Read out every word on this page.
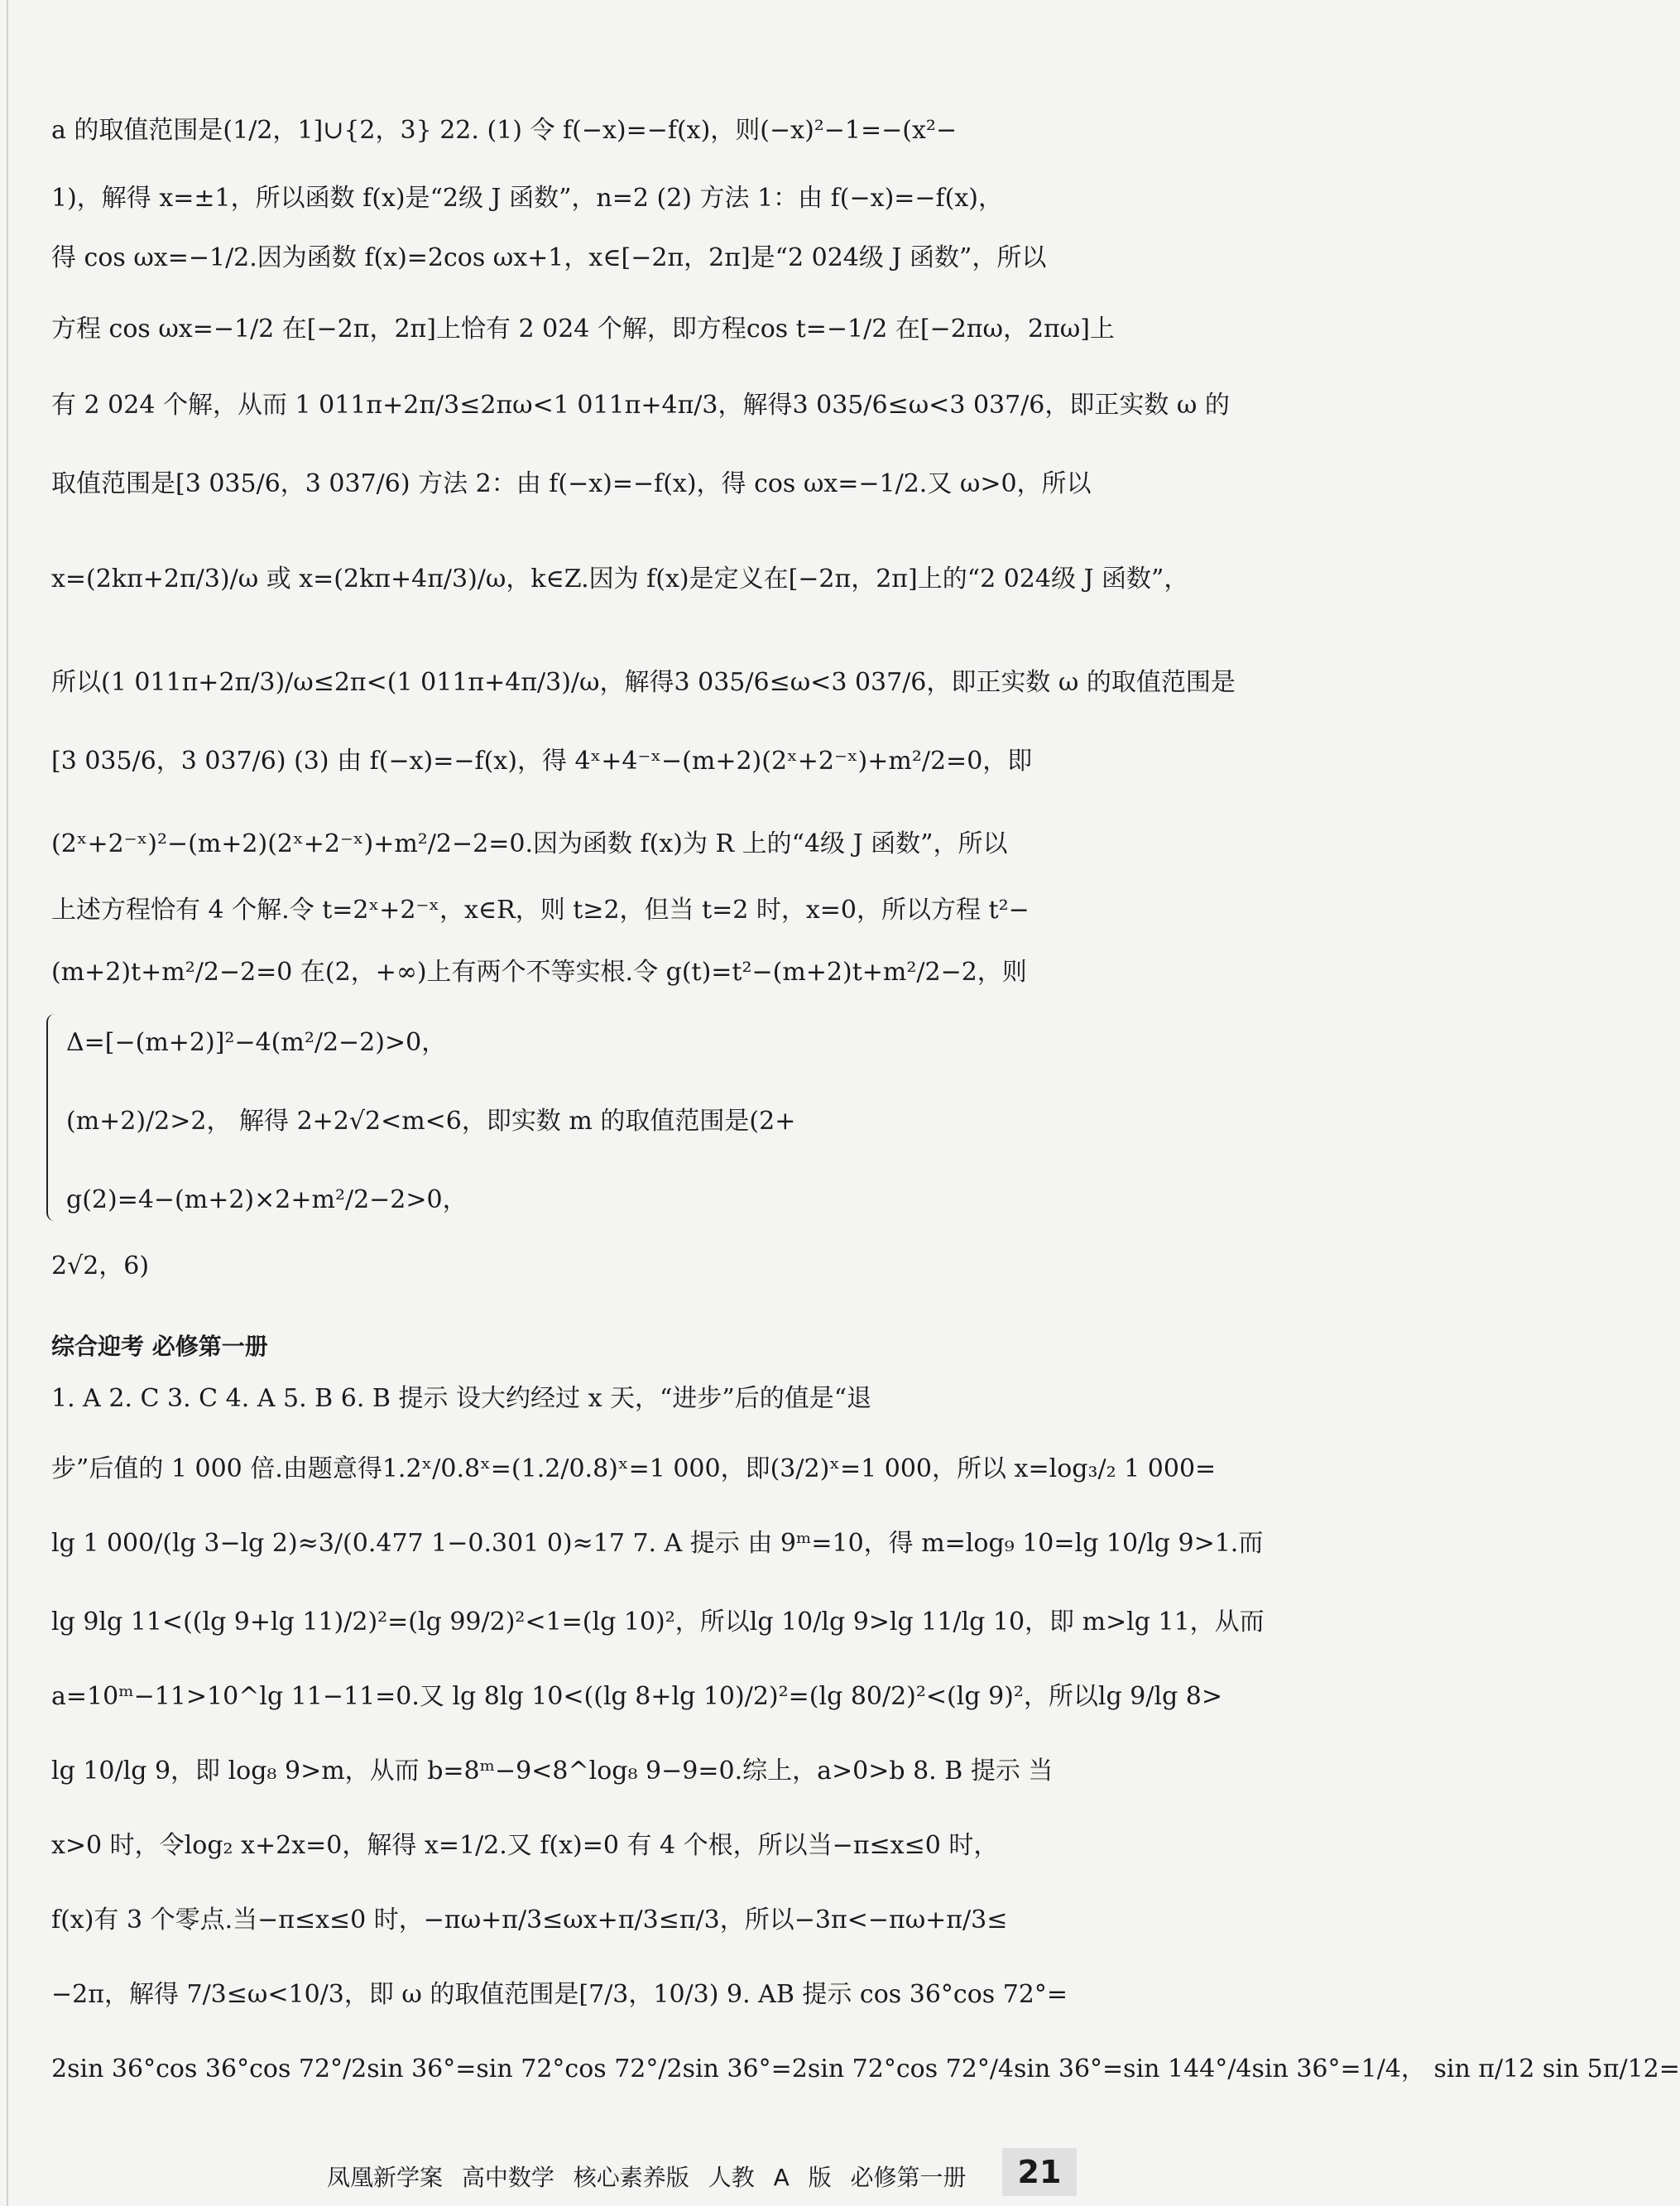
a 的取值范围是(1/2，1]∪{2，3} 22. (1) 令 f(−x)=−f(x)，则(−x)²−1=−(x²−
1)，解得 x=±1，所以函数 f(x)是“2级 J 函数”，n=2 (2) 方法 1：由 f(−x)=−f(x)，
得 cos ωx=−1/2.因为函数 f(x)=2cos ωx+1，x∈[−2π，2π]是“2 024级 J 函数”，所以
方程 cos ωx=−1/2 在[−2π，2π]上恰有 2 024 个解，即方程cos t=−1/2 在[−2πω，2πω]上
有 2 024 个解，从而 1 011π+2π/3≤2πω<1 011π+4π/3，解得3 035/6≤ω<3 037/6，即正实数 ω 的
取值范围是[3 035/6，3 037/6) 方法 2：由 f(−x)=−f(x)，得 cos ωx=−1/2.又 ω>0，所以
x=(2kπ+2π/3)/ω 或 x=(2kπ+4π/3)/ω，k∈Z.因为 f(x)是定义在[−2π，2π]上的“2 024级 J 函数”，
所以(1 011π+2π/3)/ω≤2π<(1 011π+4π/3)/ω，解得3 035/6≤ω<3 037/6，即正实数 ω 的取值范围是
[3 035/6，3 037/6) (3) 由 f(−x)=−f(x)，得 4ˣ+4⁻ˣ−(m+2)(2ˣ+2⁻ˣ)+m²/2=0，即
(2ˣ+2⁻ˣ)²−(m+2)(2ˣ+2⁻ˣ)+m²/2−2=0.因为函数 f(x)为 R 上的“4级 J 函数”，所以
上述方程恰有 4 个解.令 t=2ˣ+2⁻ˣ，x∈R，则 t≥2，但当 t=2 时，x=0，所以方程 t²−
(m+2)t+m²/2−2=0 在(2，+∞)上有两个不等实根.令 g(t)=t²−(m+2)t+m²/2−2，则
Δ=[−(m+2)]²−4(m²/2−2)>0，
(m+2)/2>2， 解得 2+2√2<m<6，即实数 m 的取值范围是(2+
g(2)=4−(m+2)×2+m²/2−2>0，
2√2，6)
综合迎考 必修第一册
1. A 2. C 3. C 4. A 5. B 6. B 提示 设大约经过 x 天，“进步”后的值是“退
步”后值的 1 000 倍.由题意得1.2ˣ/0.8ˣ=(1.2/0.8)ˣ=1 000，即(3/2)ˣ=1 000，所以 x=log₃/₂ 1 000=
lg 1 000/(lg 3−lg 2)≈3/(0.477 1−0.301 0)≈17 7. A 提示 由 9ᵐ=10，得 m=log₉ 10=lg 10/lg 9>1.而
lg 9lg 11<((lg 9+lg 11)/2)²=(lg 99/2)²<1=(lg 10)²，所以lg 10/lg 9>lg 11/lg 10，即 m>lg 11，从而
a=10ᵐ−11>10^lg 11−11=0.又 lg 8lg 10<((lg 8+lg 10)/2)²=(lg 80/2)²<(lg 9)²，所以lg 9/lg 8>
lg 10/lg 9，即 log₈ 9>m，从而 b=8ᵐ−9<8^log₈ 9−9=0.综上，a>0>b 8. B 提示 当
x>0 时，令log₂ x+2x=0，解得 x=1/2.又 f(x)=0 有 4 个根，所以当−π≤x≤0 时，
f(x)有 3 个零点.当−π≤x≤0 时，−πω+π/3≤ωx+π/3≤π/3，所以−3π<−πω+π/3≤
−2π，解得 7/3≤ω<10/3，即 ω 的取值范围是[7/3，10/3) 9. AB 提示 cos 36°cos 72°=
2sin 36°cos 36°cos 72°/2sin 36°=sin 72°cos 72°/2sin 36°=2sin 72°cos 72°/4sin 36°=sin 144°/4sin 36°=1/4， sin π/12 sin 5π/12=
凤凰新学案 高中数学 核心素养版 人教 A 版 必修第一册	21
